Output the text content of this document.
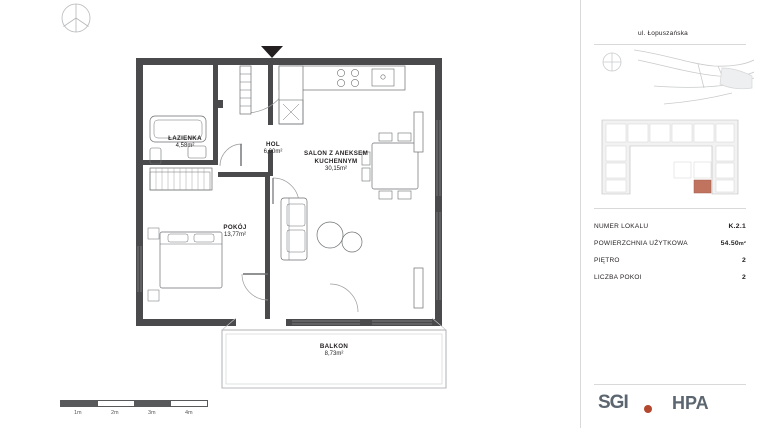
ŁAZIENKA
4,58m²	HOL
6,00m²	SALON Z ANEKSEM KUCHENNYM
30,15m²
POKÓJ
13,77m²
BALKON
8,73m²
1m	2m	3m	4m
ul. Łopuszańska
NUMER LOKALU	K.2.1
POWIERZCHNIA UŻYTKOWA	54.50m²
PIĘTRO	2
LICZBA POKOI	2
SGI HPA
